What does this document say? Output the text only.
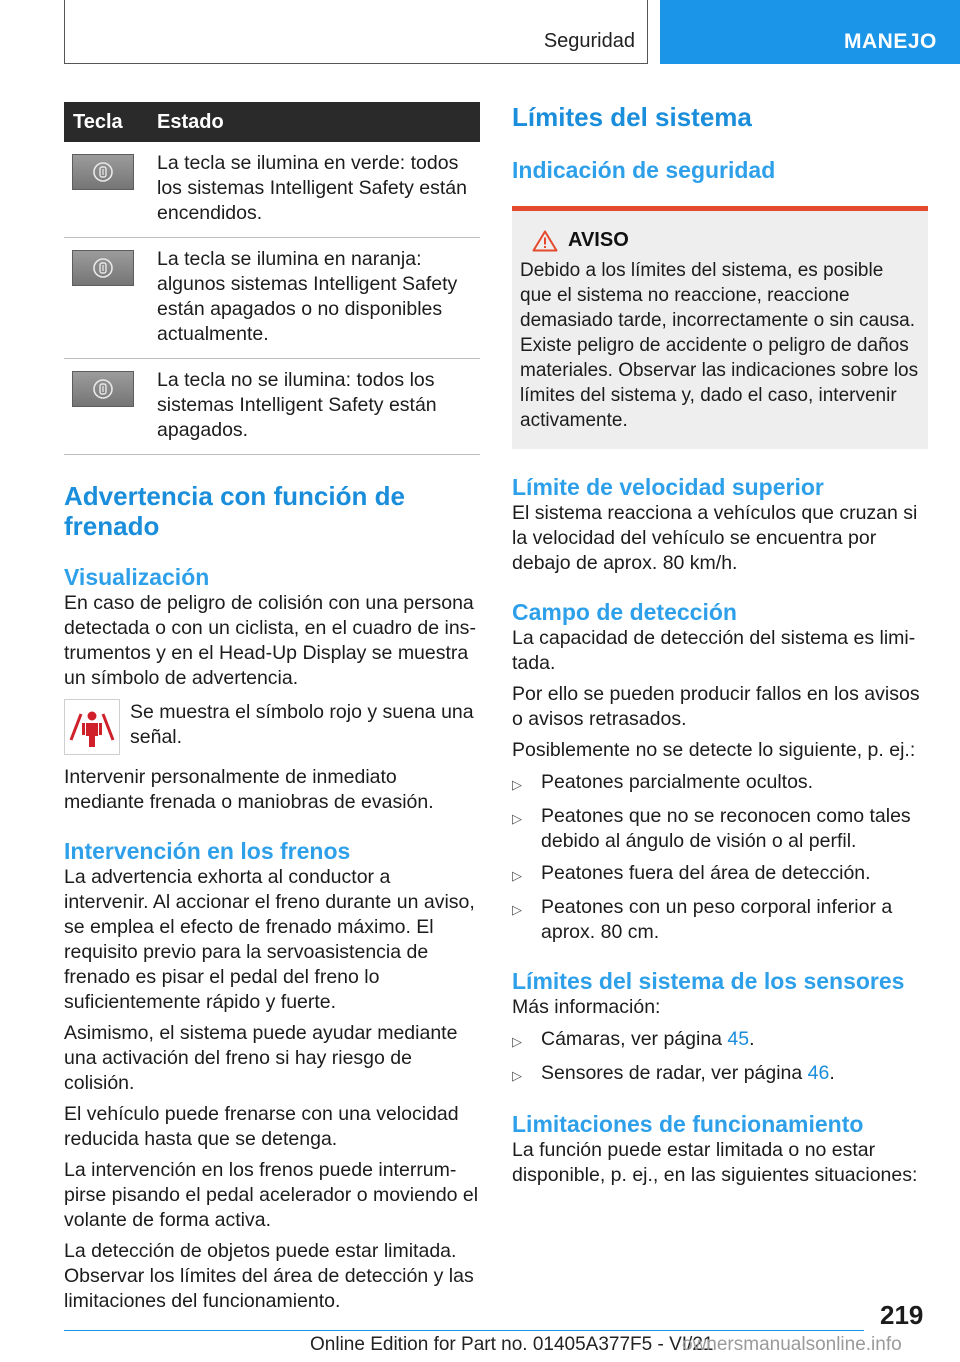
Seguridad	MANEJO
Tecla	Estado

	La tecla se ilumina en verde: todos los sistemas Intelligent Safety están encendidos.

	La tecla se ilumina en naranja: algunos sistemas Intelligent Safety están apagados o no disponibles actualmente.

	La tecla no se ilumina: todos los sistemas Intelligent Safety están apagados.
Advertencia con función de frenado
Visualización

En caso de peligro de colisión con una persona detectada o con un ciclista, en el cuadro de instrumentos y en el Head-Up Display se muestra un símbolo de advertencia.

Se muestra el símbolo rojo y suena una señal.

Intervenir personalmente de inmediato mediante frenada o maniobras de evasión.

Intervención en los frenos

La advertencia exhorta al conductor a intervenir. Al accionar el freno durante un aviso, se emplea el efecto de frenado máximo. El requisito previo para la servoasistencia de frenado es pisar el pedal del freno lo suficientemente rápido y fuerte.

Asimismo, el sistema puede ayudar mediante una activación del freno si hay riesgo de colisión.

El vehículo puede frenarse con una velocidad reducida hasta que se detenga.

La intervención en los frenos puede interrumpirse pisando el pedal acelerador o moviendo el volante de forma activa.

La detección de objetos puede estar limitada. Observar los límites del área de detección y las limitaciones del funcionamiento.

Límites del sistema
Indicación de seguridad
AVISO

Debido a los límites del sistema, es posible que el sistema no reaccione, reaccione demasiado tarde, incorrectamente o sin causa. Existe peligro de accidente o peligro de daños materiales. Observar las indicaciones sobre los límites del sistema y, dado el caso, intervenir activamente.

Límite de velocidad superior

El sistema reacciona a vehículos que cruzan si la velocidad del vehículo se encuentra por debajo de aprox. 80 km/h.

Campo de detección

La capacidad de detección del sistema es limitada.

Por ello se pueden producir fallos en los avisos o avisos retrasados.

Posiblemente no se detecte lo siguiente, p. ej.:

▷ Peatones parcialmente ocultos.
▷ Peatones que no se reconocen como tales debido al ángulo de visión o al perfil.
▷ Peatones fuera del área de detección.
▷ Peatones con un peso corporal inferior a aprox. 80 cm.
Límites del sistema de los sensores

Más información:

▷ Cámaras, ver página 45.
▷ Sensores de radar, ver página 46.
Limitaciones de funcionamiento

La función puede estar limitada o no estar disponible, p. ej., en las siguientes situaciones:

219
Online Edition for Part no. 01405A377F5 - VI/21
ownersmanualsonline.info
